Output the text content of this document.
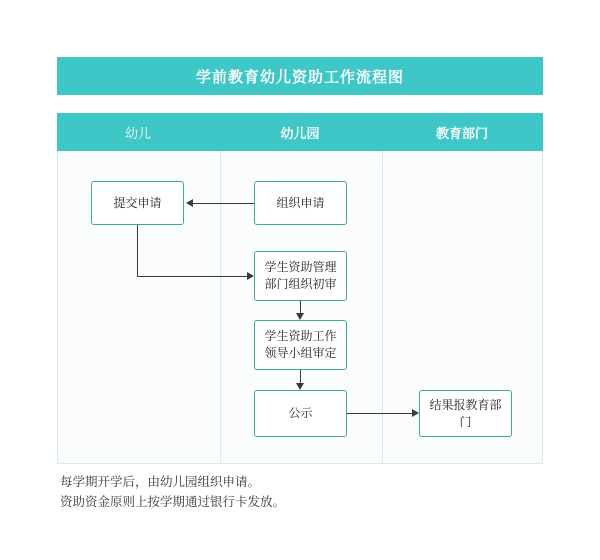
学前教育幼儿资助工作流程图
幼儿	幼儿园	教育部门
提交申请	组织申请
学生资助管理
部门组织初审
学生资助工作
领导小组审定
公示
结果报教育部门
每学期开学后，由幼儿园组织申请。
资助资金原则上按学期通过银行卡发放。
